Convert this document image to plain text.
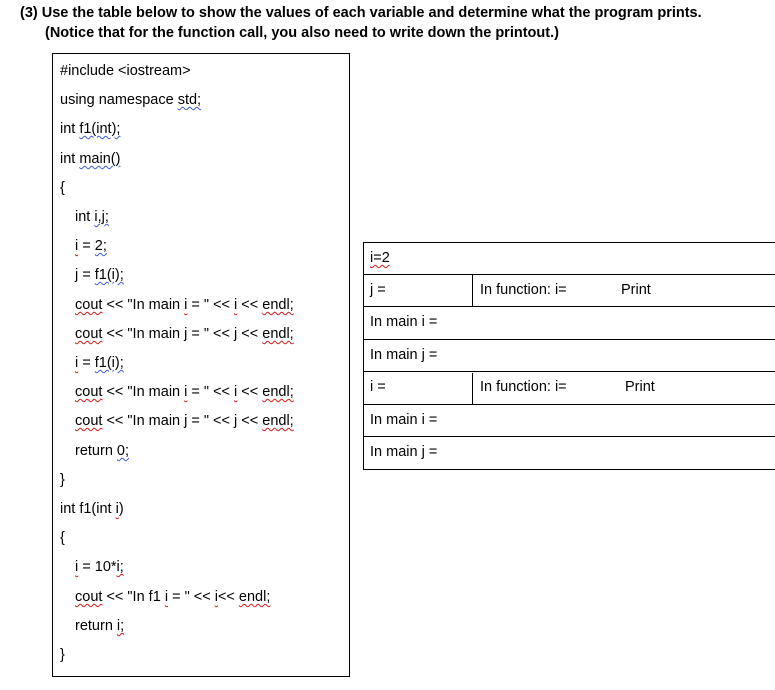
(3) Use the table below to show the values of each variable and determine what the program prints.
(Notice that for the function call, you also need to write down the printout.)
#include <iostream>
using namespace std;
int f1(int);
int main()
{
int i,j;
i = 2;
j = f1(i);
cout << "In main i = " << i << endl;
cout << "In main j = " << j << endl;
i = f1(i);
cout << "In main i = " << i << endl;
cout << "In main j = " << j << endl;
return 0;
}
int f1(int i)
{
i = 10*i;
cout << "In f1 i = " << i<< endl;
return i;
}
i=2
j =	In function: i=	Print
In main i =
In main j =
i =	In function: i=	Print
In main i =
In main j =
